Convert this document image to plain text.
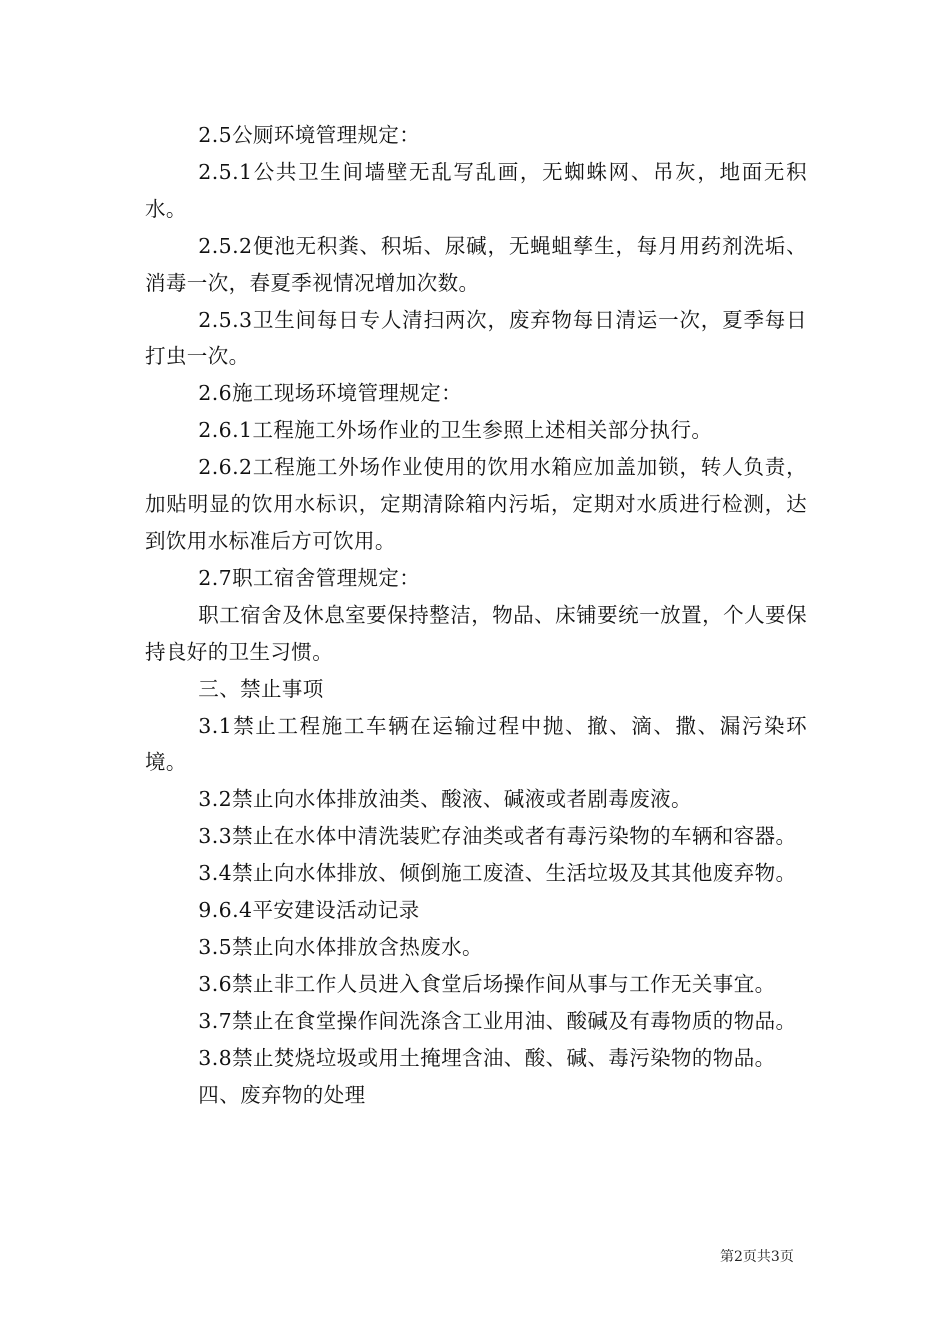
2.5公厕环境管理规定：

2.5.1公共卫生间墙壁无乱写乱画，无蜘蛛网、吊灰，地面无积水。

2.5.2便池无积粪、积垢、尿碱，无蝇蛆孳生，每月用药剂洗垢、消毒一次，春夏季视情况增加次数。

2.5.3卫生间每日专人清扫两次，废弃物每日清运一次，夏季每日打虫一次。

2.6施工现场环境管理规定：

2.6.1工程施工外场作业的卫生参照上述相关部分执行。

2.6.2工程施工外场作业使用的饮用水箱应加盖加锁，转人负责，加贴明显的饮用水标识，定期清除箱内污垢，定期对水质进行检测，达到饮用水标准后方可饮用。

2.7职工宿舍管理规定：

职工宿舍及休息室要保持整洁，物品、床铺要统一放置，个人要保持良好的卫生习惯。

三、禁止事项

3.1禁止工程施工车辆在运输过程中抛、撤、滴、撒、漏污染环境。

3.2禁止向水体排放油类、酸液、碱液或者剧毒废液。

3.3禁止在水体中清洗装贮存油类或者有毒污染物的车辆和容器。

3.4禁止向水体排放、倾倒施工废渣、生活垃圾及其其他废弃物。

9.6.4平安建设活动记录

3.5禁止向水体排放含热废水。

3.6禁止非工作人员进入食堂后场操作间从事与工作无关事宜。

3.7禁止在食堂操作间洗涤含工业用油、酸碱及有毒物质的物品。

3.8禁止焚烧垃圾或用土掩埋含油、酸、碱、毒污染物的物品。

四、废弃物的处理

第2页共3页
